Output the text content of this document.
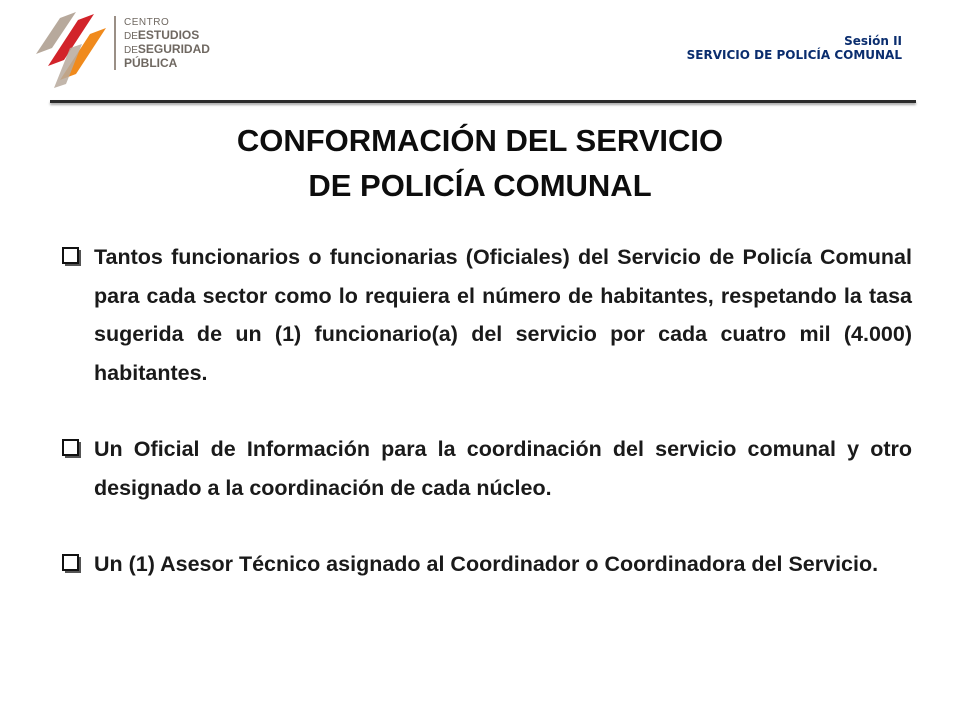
CENTRO
DEESTUDIOS
DESEGURIDAD
PÚBLICA
Sesión II
SERVICIO DE POLICÍA COMUNAL
CONFORMACIÓN DEL SERVICIO
DE POLICÍA COMUNAL
Tantos funcionarios o funcionarias (Oficiales) del Servicio de Policía Comunal para cada sector como lo requiera el número de habitantes, respetando la tasa sugerida de un (1) funcionario(a) del servicio por cada cuatro mil (4.000) habitantes.
Un Oficial de Información para la coordinación del servicio comunal y otro designado a la coordinación de cada núcleo.
Un (1) Asesor Técnico asignado al Coordinador o Coordinadora del Servicio.
